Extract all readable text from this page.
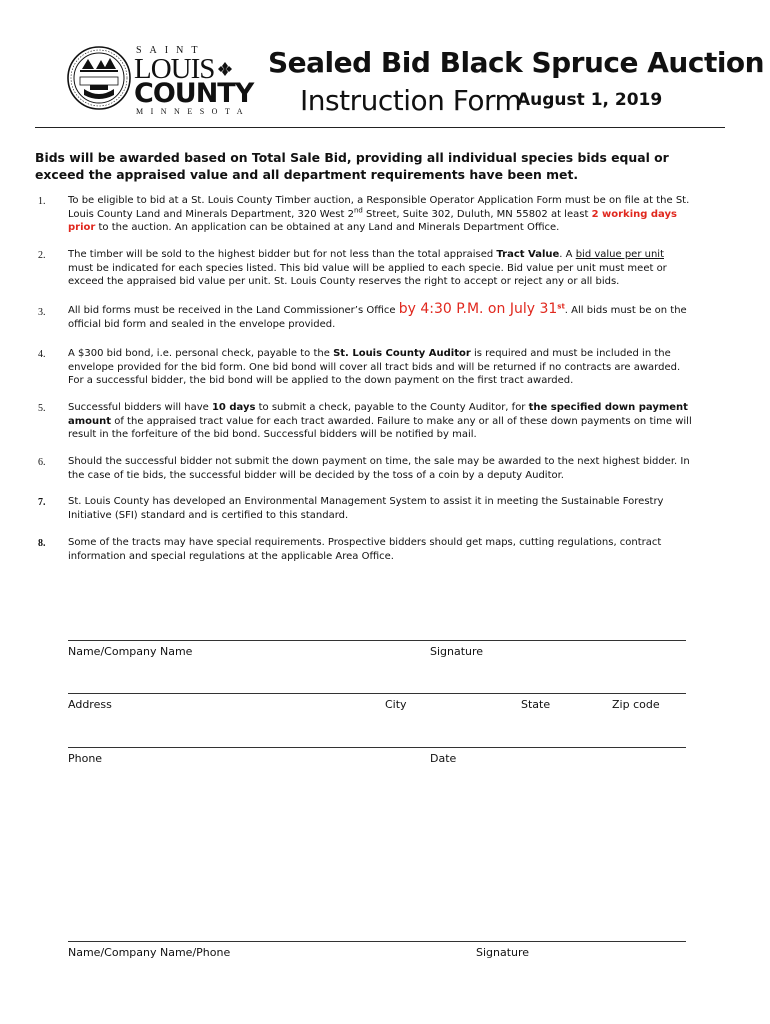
SAINT
LOUIS
COUNTY
MINNESOTA
Sealed Bid Black Spruce Auction
Instruction Form
August 1, 2019
Bids will be awarded based on Total Sale Bid, providing all individual species bids equal or exceed the appraised value and all department requirements have been met.
1. To be eligible to bid at a St. Louis County Timber auction, a Responsible Operator Application Form must be on file at the St. Louis County Land and Minerals Department, 320 West 2nd Street, Suite 302, Duluth, MN 55802 at least 2 working days prior to the auction. An application can be obtained at any Land and Minerals Department Office.
2. The timber will be sold to the highest bidder but for not less than the total appraised Tract Value. A bid value per unit must be indicated for each species listed. This bid value will be applied to each specie. Bid value per unit must meet or exceed the appraised bid value per unit. St. Louis County reserves the right to accept or reject any or all bids.
3. All bid forms must be received in the Land Commissioner’s Office by 4:30 P.M. on July 31st. All bids must be on the official bid form and sealed in the envelope provided.
4. A $300 bid bond, i.e. personal check, payable to the St. Louis County Auditor is required and must be included in the envelope provided for the bid form. One bid bond will cover all tract bids and will be returned if no contracts are awarded. For a successful bidder, the bid bond will be applied to the down payment on the first tract awarded.
5. Successful bidders will have 10 days to submit a check, payable to the County Auditor, for the specified down payment amount of the appraised tract value for each tract awarded. Failure to make any or all of these down payments on time will result in the forfeiture of the bid bond. Successful bidders will be notified by mail.
6. Should the successful bidder not submit the down payment on time, the sale may be awarded to the next highest bidder. In the case of tie bids, the successful bidder will be decided by the toss of a coin by a deputy Auditor.
7. St. Louis County has developed an Environmental Management System to assist it in meeting the Sustainable Forestry Initiative (SFI) standard and is certified to this standard.
8. Some of the tracts may have special requirements. Prospective bidders should get maps, cutting regulations, contract information and special regulations at the applicable Area Office.
Name/Company Name	Signature
Address	City	State	Zip code
Phone	Date
Name/Company Name/Phone	Signature
